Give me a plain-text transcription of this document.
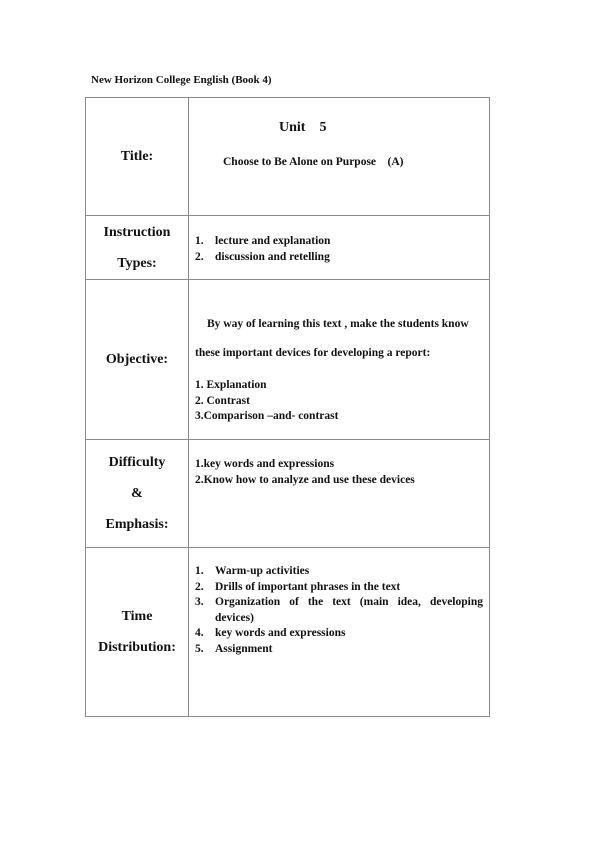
New Horizon College English (Book 4)
Title:
Unit    5
Choose to Be Alone on Purpose    (A)
Instruction
Types:
1. lecture and explanation
2. discussion and retelling
Objective:
By way of learning this text , make the students know
these important devices for developing a report:
1. Explanation
2. Contrast
3.Comparison –and- contrast
Difficulty
&
Emphasis:
1.key words and expressions
2.Know how to analyze and use these devices
Time
Distribution:
1. Warm-up activities
2. Drills of important phrases in the text
3. Organization of the text (main idea, developing devices)
4. key words and expressions
5. Assignment
